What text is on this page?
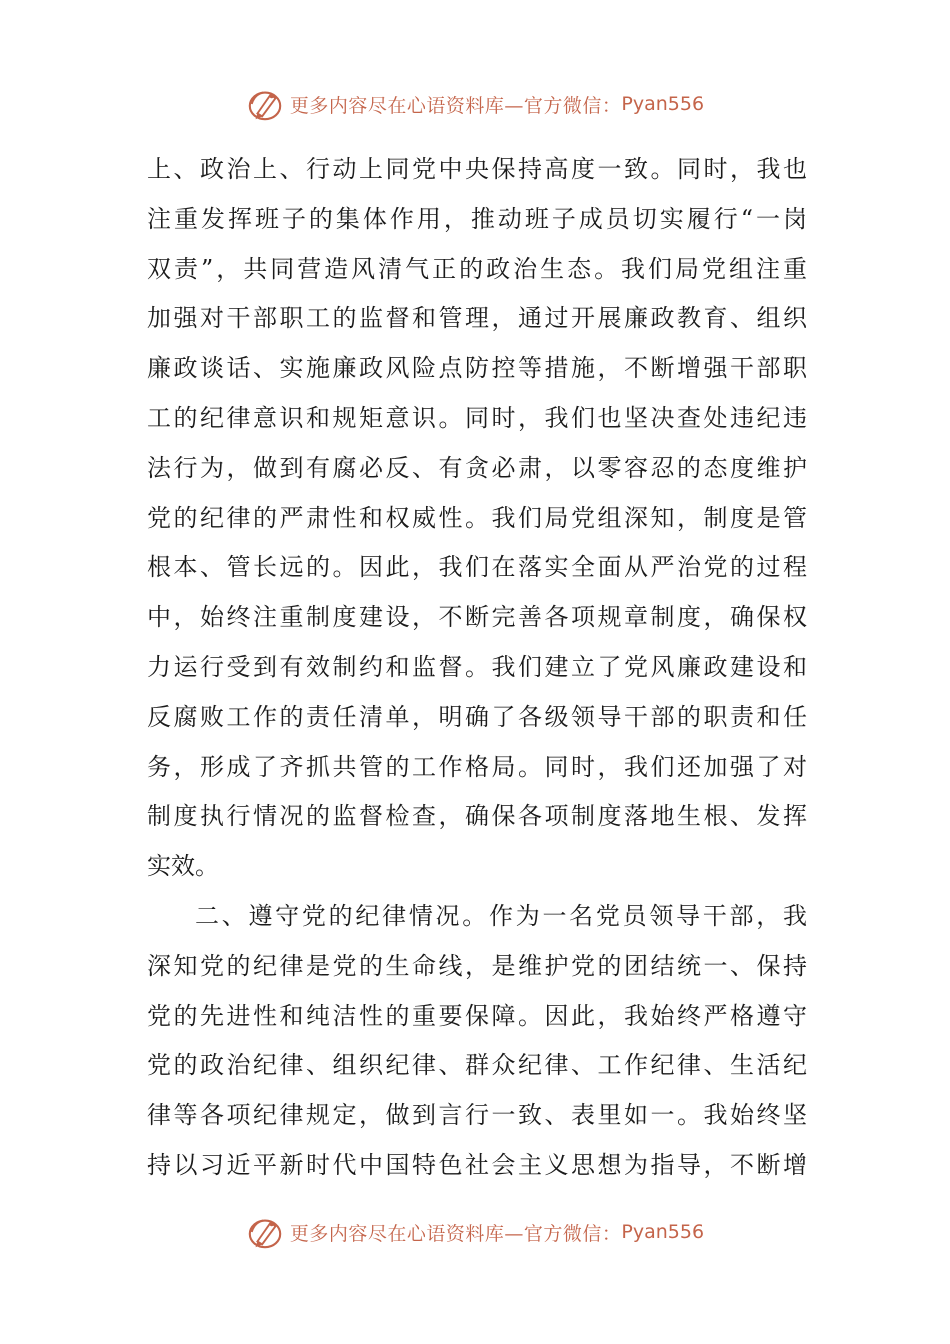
更多内容尽在心语资料库—官方微信： Pyan556
上、政治上、行动上同党中央保持高度一致。同时，我也
注重发挥班子的集体作用，推动班子成员切实履行“一岗
双责”，共同营造风清气正的政治生态。我们局党组注重
加强对干部职工的监督和管理，通过开展廉政教育、组织
廉政谈话、实施廉政风险点防控等措施，不断增强干部职
工的纪律意识和规矩意识。同时，我们也坚决查处违纪违
法行为，做到有腐必反、有贪必肃，以零容忍的态度维护
党的纪律的严肃性和权威性。我们局党组深知，制度是管
根本、管长远的。因此，我们在落实全面从严治党的过程
中，始终注重制度建设，不断完善各项规章制度，确保权
力运行受到有效制约和监督。我们建立了党风廉政建设和
反腐败工作的责任清单，明确了各级领导干部的职责和任
务，形成了齐抓共管的工作格局。同时，我们还加强了对
制度执行情况的监督检查，确保各项制度落地生根、发挥
实效。
二、遵守党的纪律情况。作为一名党员领导干部，我
深知党的纪律是党的生命线，是维护党的团结统一、保持
党的先进性和纯洁性的重要保障。因此，我始终严格遵守
党的政治纪律、组织纪律、群众纪律、工作纪律、生活纪
律等各项纪律规定，做到言行一致、表里如一。我始终坚
持以习近平新时代中国特色社会主义思想为指导，不断增
更多内容尽在心语资料库—官方微信： Pyan556
